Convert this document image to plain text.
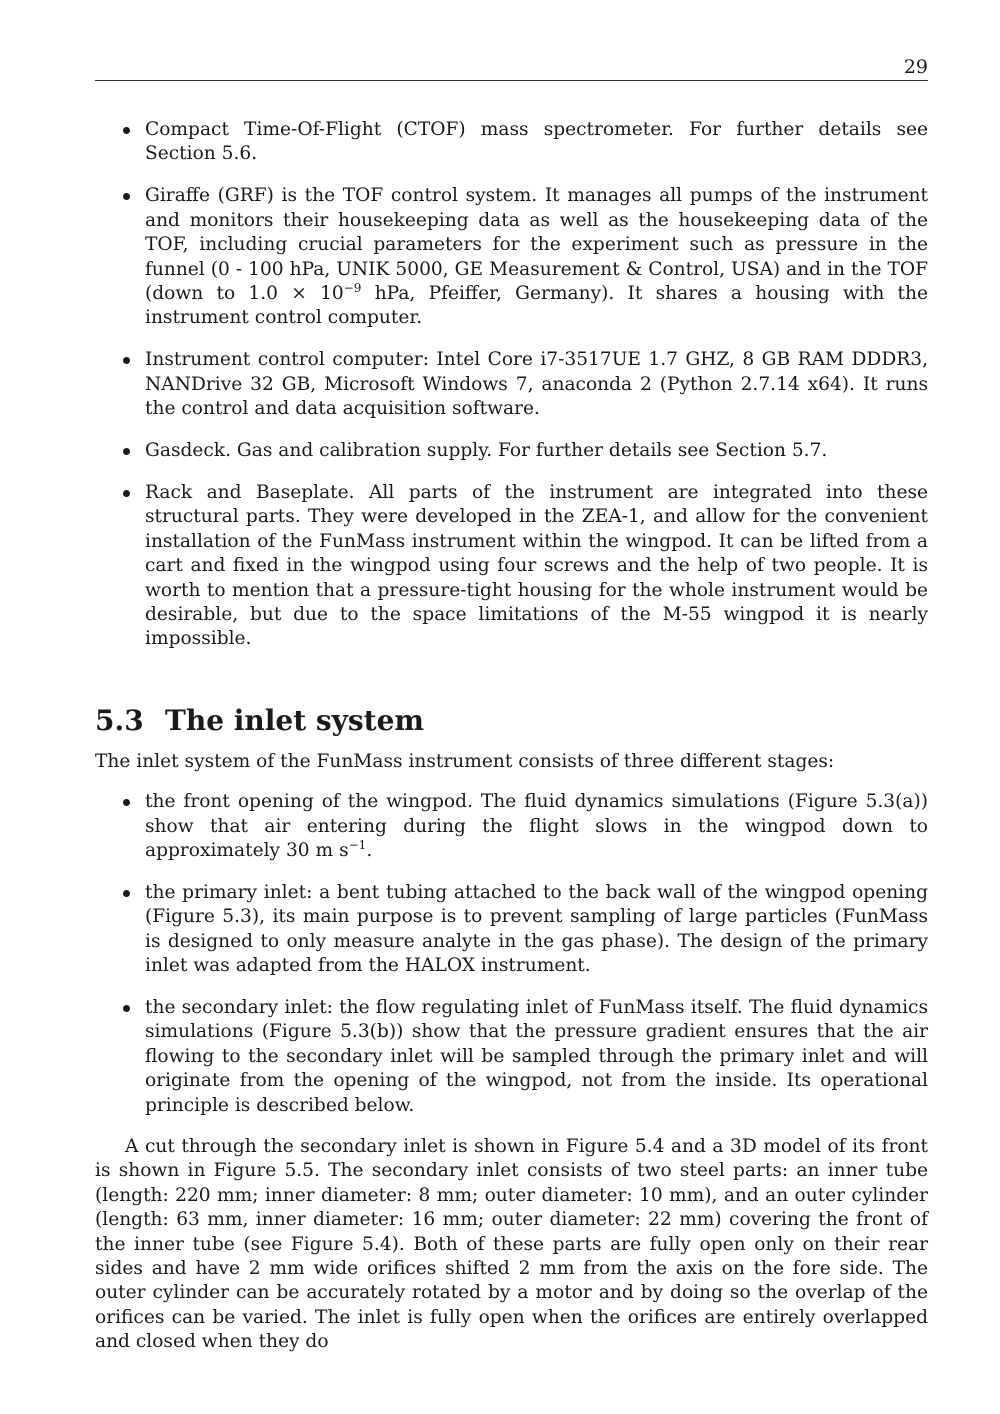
29
Compact Time-Of-Flight (CTOF) mass spectrometer. For further details see Section 5.6.
Giraffe (GRF) is the TOF control system. It manages all pumps of the instrument and monitors their housekeeping data as well as the housekeeping data of the TOF, including crucial parameters for the experiment such as pressure in the funnel (0 - 100 hPa, UNIK 5000, GE Measurement & Control, USA) and in the TOF (down to $1.0 \times 10^{-9}$ hPa, Pfeiffer, Germany). It shares a housing with the instrument control computer.
Instrument control computer: Intel Core i7-3517UE 1.7 GHZ, 8 GB RAM DDDR3, NANDrive 32 GB, Microsoft Windows 7, anaconda 2 (Python 2.7.14 x64). It runs the control and data acquisition software.
Gasdeck. Gas and calibration supply. For further details see Section 5.7.
Rack and Baseplate. All parts of the instrument are integrated into these structural parts. They were developed in the ZEA-1, and allow for the convenient installation of the FunMass instrument within the wingpod. It can be lifted from a cart and fixed in the wingpod using four screws and the help of two people. It is worth to mention that a pressure-tight housing for the whole instrument would be desirable, but due to the space limitations of the M-55 wingpod it is nearly impossible.
5.3 The inlet system

The inlet system of the FunMass instrument consists of three different stages:

the front opening of the wingpod. The fluid dynamics simulations (Figure 5.3(a)) show that air entering during the flight slows in the wingpod down to approximately 30 m $s^{-1}$.
the primary inlet: a bent tubing attached to the back wall of the wingpod opening (Figure 5.3), its main purpose is to prevent sampling of large particles (FunMass is designed to only measure analyte in the gas phase). The design of the primary inlet was adapted from the HALOX instrument.
the secondary inlet: the flow regulating inlet of FunMass itself. The fluid dynamics simulations (Figure 5.3(b)) show that the pressure gradient ensures that the air flowing to the secondary inlet will be sampled through the primary inlet and will originate from the opening of the wingpod, not from the inside. Its operational principle is described below.

A cut through the secondary inlet is shown in Figure 5.4 and a 3D model of its front is shown in Figure 5.5. The secondary inlet consists of two steel parts: an inner tube (length: 220 mm; inner diameter: 8 mm; outer diameter: 10 mm), and an outer cylinder (length: 63 mm, inner diameter: 16 mm; outer diameter: 22 mm) covering the front of the inner tube (see Figure 5.4). Both of these parts are fully open only on their rear sides and have 2 mm wide orifices shifted 2 mm from the axis on the fore side. The outer cylinder can be accurately rotated by a motor and by doing so the overlap of the orifices can be varied. The inlet is fully open when the orifices are entirely overlapped and closed when they do
